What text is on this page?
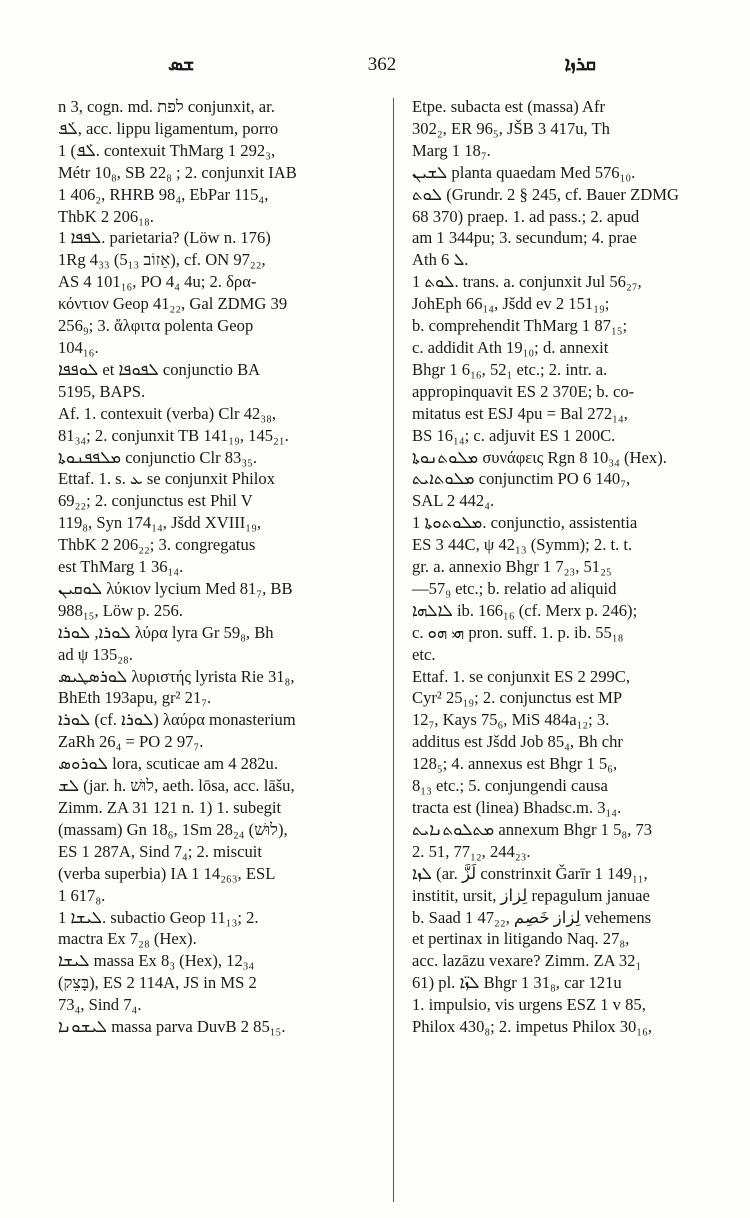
ܫܣ	362	ܩܪܙܐ
n 3, cogn. md. לפת conjunxit, ar.
ܠܰܦ, acc. lippu ligamentum, porro
ܠܰܦ) 1. contexuit ThMarg 1 292₃,
Métr 10₈, SB 22₈ ; 2. conjunxit IAB
1 406₂, RHRB 98₄, EbPar 115₄,
ThbK 2 206₁₈.
ܠܦܦܐ 1. parietaria? (Löw n. 176)
1Rg 4₃₃ (5₁₃ אֵזוֹב), cf. ON 97₂₂,
AS 4 101₁₆, PO 4₄ 4u; 2. δρα-
κόντιον Geop 41₂₂, Gal ZDMG 39
256₉; 3. ἄλφιτα polenta Geop
104₁₆.
ܠܘܦܦܐ et ܠܦܘܦܐ conjunctio BA
5195, BAPS.
Af. 1. contexuit (verba) Clr 42₃₈,
81₃₄; 2. conjunxit TB 141₁₉, 145₂₁.
ܡܠܦܦܢܘܬܐ conjunctio Clr 83₃₅.
Ettaf. 1. s. ܥ se conjunxit Philox
69₂₂; 2. conjunctus est Phil V
119₈, Syn 174₁₄, Jšdd XVIII₁₉,
ThbK 2 206₂₂; 3. congregatus
est ThMarg 1 36₁₄.
ܠܘܩܝܢ λύκιον lycium Med 81₇, BB
988₁₅, Löw p. 256.
ܠܘܪܐ, ܠܘܪܐ λύρα lyra Gr 59₈, Bh
ad ψ 135₂₈.
ܠܘܪܣܛܝܣ λυριστής lyrista Rie 31₈,
BhEth 193apu, gr² 21₇.
ܠܘܪܐ (cf. ܠܘܪܐ) λαύρα monasterium
ZaRh 26₄ = PO 2 97₇.
ܠܘܪܘܣ lora, scuticae am 4 282u.
ܠܫ (jar. h. לוּשׁ, aeth. lōsa, acc. lāšu,
Zimm. ZA 31 121 n. 1) 1. subegit
(massam) Gn 18₆, 1Sm 28₂₄ (לוּשׁ),
ES 1 287A, Sind 7₄; 2. miscuit
(verba superbia) IA 1 14₂₆₃, ESL
1 617₈.
ܠܝܫܐ 1. subactio Geop 11₁₃; 2.
mactra Ex 7₂₈ (Hex).
ܠܝܫܐ massa Ex 8₃ (Hex), 12₃₄
(בָּצֵק), ES 2 114A, JS in MS 2
73₄, Sind 7₄.
ܠܝܫܘܢܐ massa parva DuvB 2 85₁₅.
Etpe. subacta est (massa) Afr
302₂, ER 96₅, JŠB 3 417u, Th
Marg 1 18₇.
ܠܫܝܢ planta quaedam Med 576₁₀.
ܠܘܬ (Grundr. 2 § 245, cf. Bauer ZDMG
68 370) praep. 1. ad pass.; 2. apud
am 1 344pu; 3. secundum; 4. prae
Ath ܠ 6.
ܠܘܬ 1. trans. a. conjunxit Jul 56₂₇,
JohEph 66₁₄, Jšdd ev 2 151₁₉;
b. comprehendit ThMarg 1 87₁₅;
c. addidit Ath 19₁₀; d. annexit
Bhgr 1 6₁₆, 52₁ etc.; 2. intr. a.
appropinquavit ES 2 370E; b. co-
mitatus est ESJ 4pu = Bal 272₁₄,
BS 16₁₄; c. adjuvit ES 1 200C.
ܡܠܘܬܢܘܬܐ συνάφεις Rgn 8 10₃₄ (Hex).
ܡܠܘܬܐܝܬ conjunctim PO 6 140₇,
SAL 2 442₄.
ܡܠܘܬܘܬܐ 1. conjunctio, assistentia
ES 3 44C, ψ 42₁₃ (Symm); 2. t. t.
gr. a. annexio Bhgr 1 7₂₃, 51₂₅
—57₉ etc.; b. relatio ad aliquid
ܠܐܠܗܐ ib. 166₁₆ (cf. Merx p. 246);
c. ܗܝ ܗܘ pron. suff. 1. p. ib. 55₁₈
etc.
Ettaf. 1. se conjunxit ES 2 299C,
Cyr² 25₁₉; 2. conjunctus est MP
12₇, Kays 75₆, MiS 484a₁₂; 3.
additus est Jšdd Job 85₄, Bh chr
128₅; 4. annexus est Bhgr 1 5₆,
8₁₃ etc.; 5. conjungendi causa
tracta est (linea) Bhadsc.m. 3₁₄.
ܡܬܠܘܬܢܐܝܬ annexum Bhgr 1 5₈, 73
2. 51, 77₁₂, 244₂₃.
ܠܙܐ (ar. لَزَّ constrinxit Ǧarīr 1 149₁₁,
institit, ursit, لِزاز repagulum januae
b. Saad 1 47₂₂, لِزاز خَصِم vehemens
et pertinax in litigando Naq. 27₈,
acc. lazāzu vexare? Zimm. ZA 32₁
61) pl. ܠܙ̈ܐ Bhgr 1 31₈, car 121u
1. impulsio, vis urgens ESZ 1 v 85,
Philox 430₈; 2. impetus Philox 30₁₆,
